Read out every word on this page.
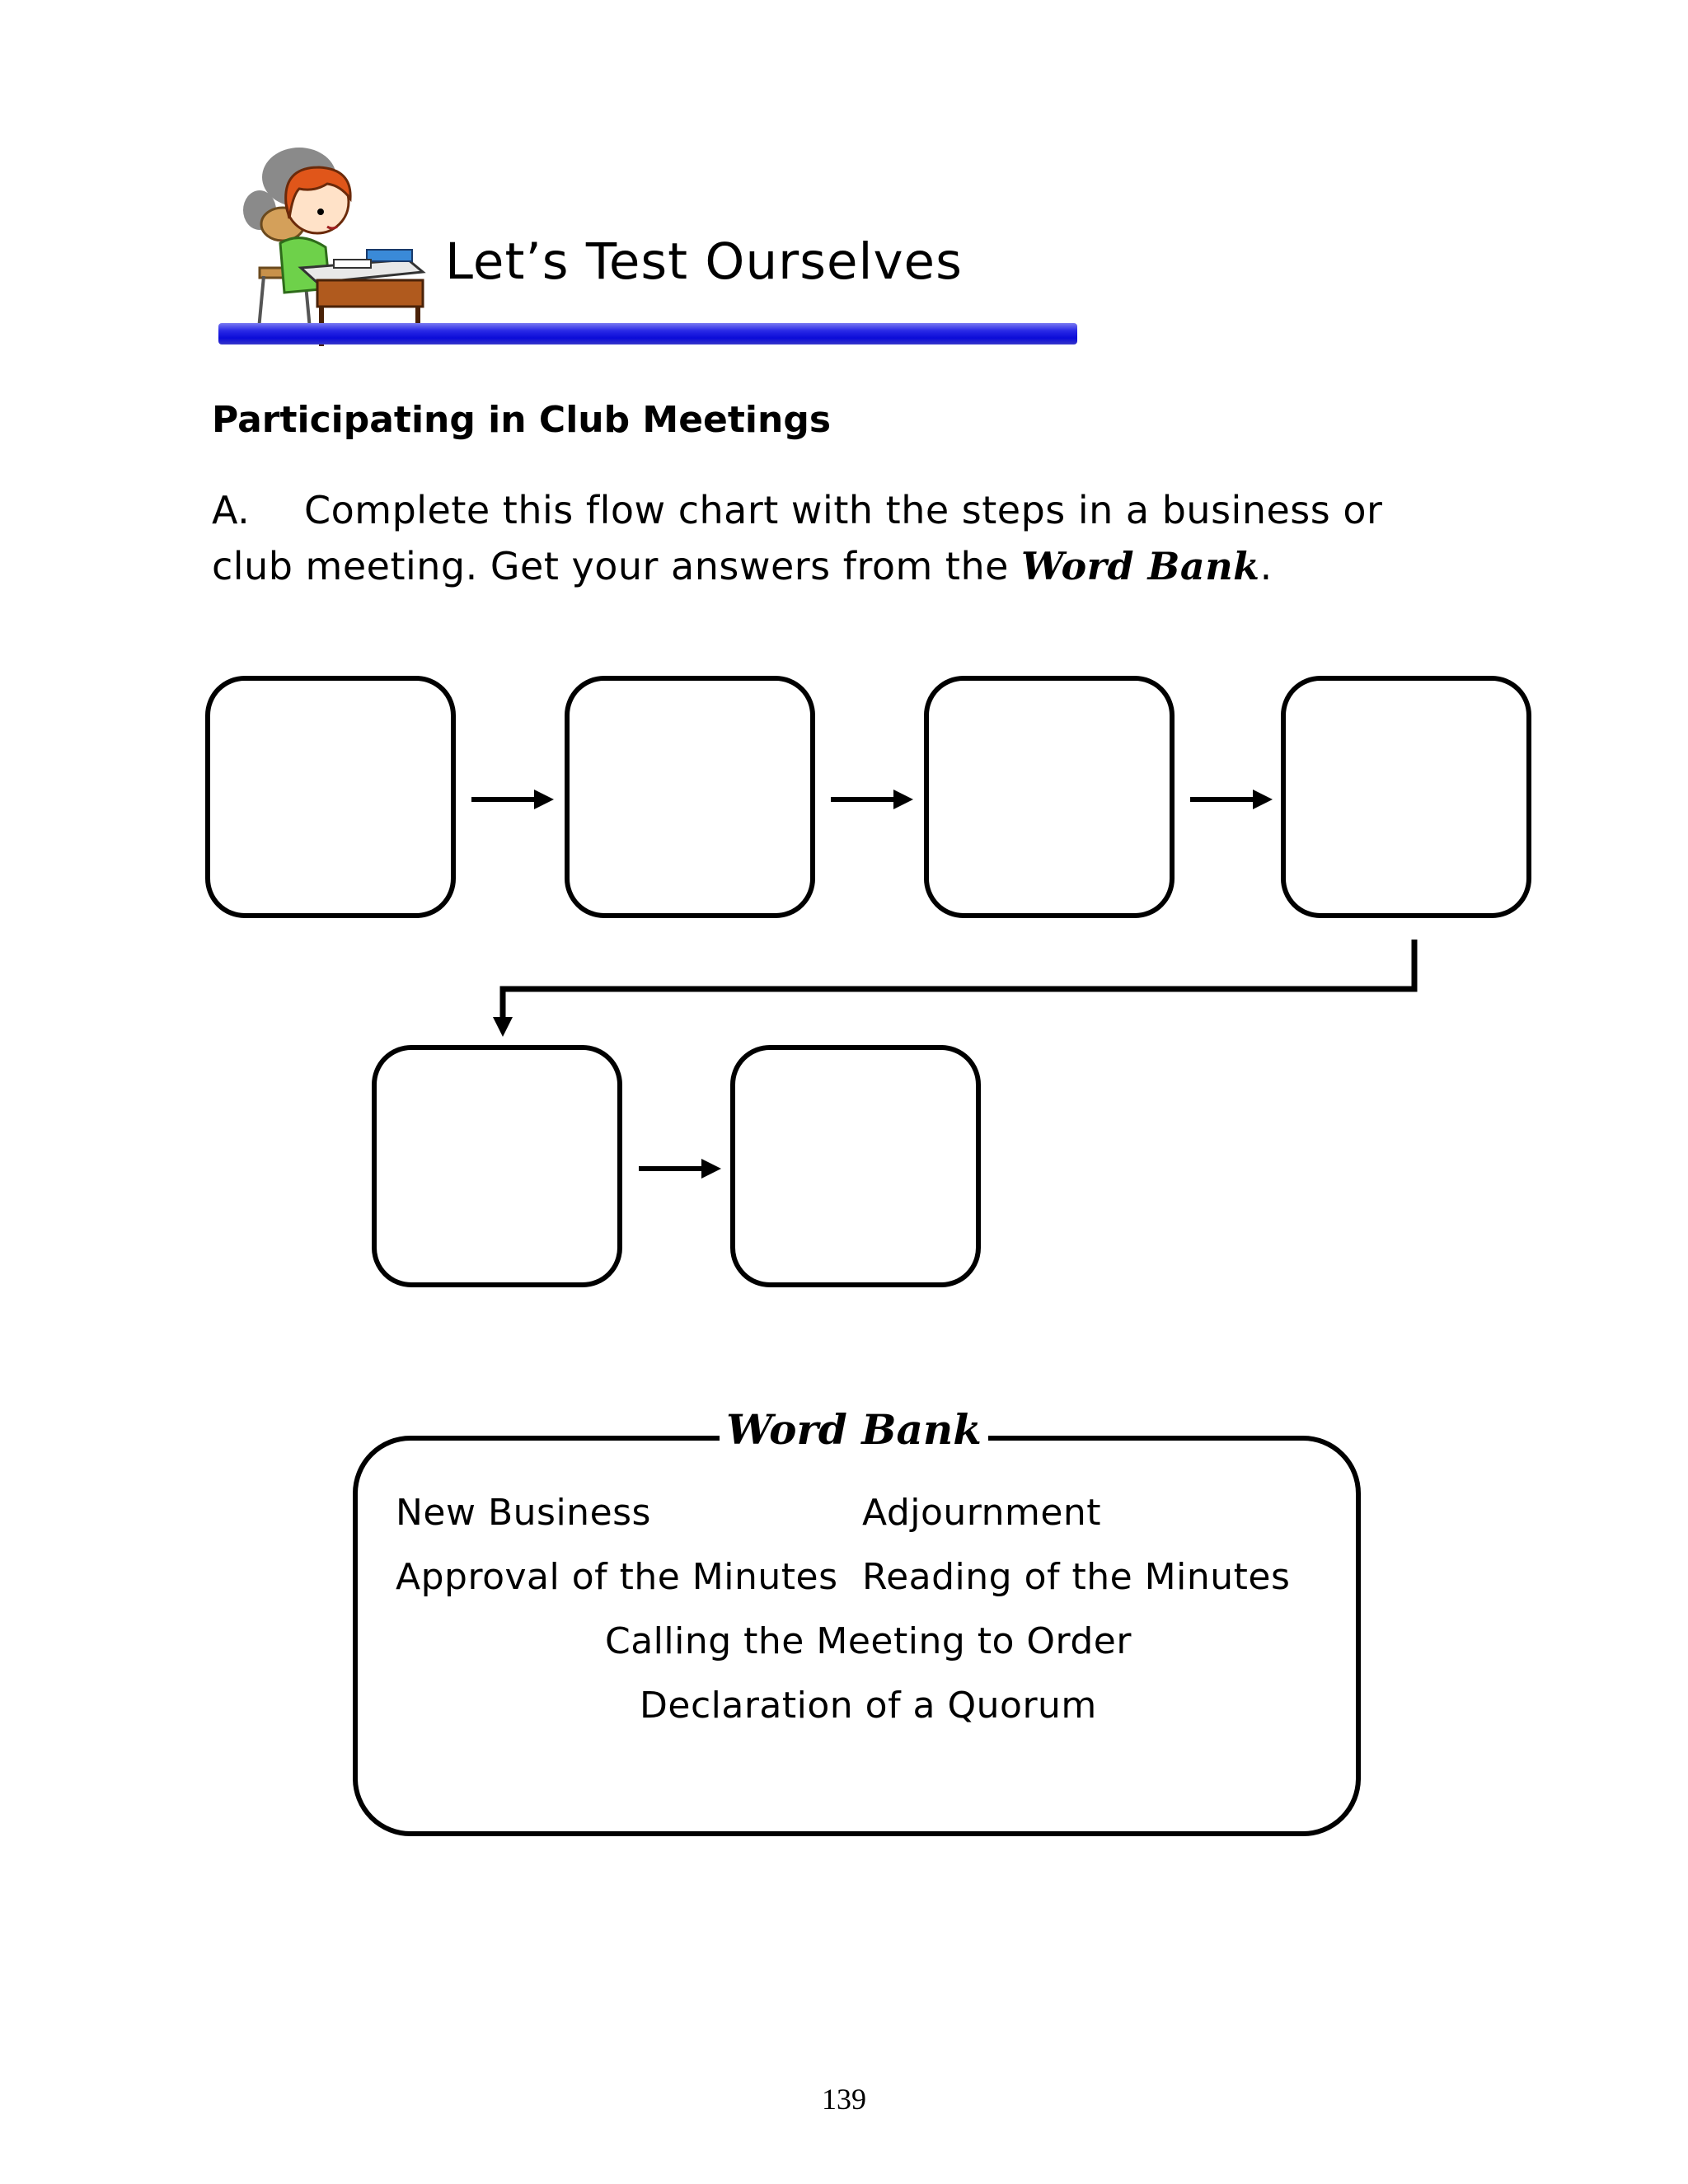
Let’s Test Ourselves
Participating in Club Meetings
A. Complete this flow chart with the steps in a business or club meeting. Get your answers from the Word Bank.
Word Bank
New Business	Adjournment
Approval of the Minutes Reading of the Minutes
Calling the Meeting to Order
Declaration of a Quorum
139
